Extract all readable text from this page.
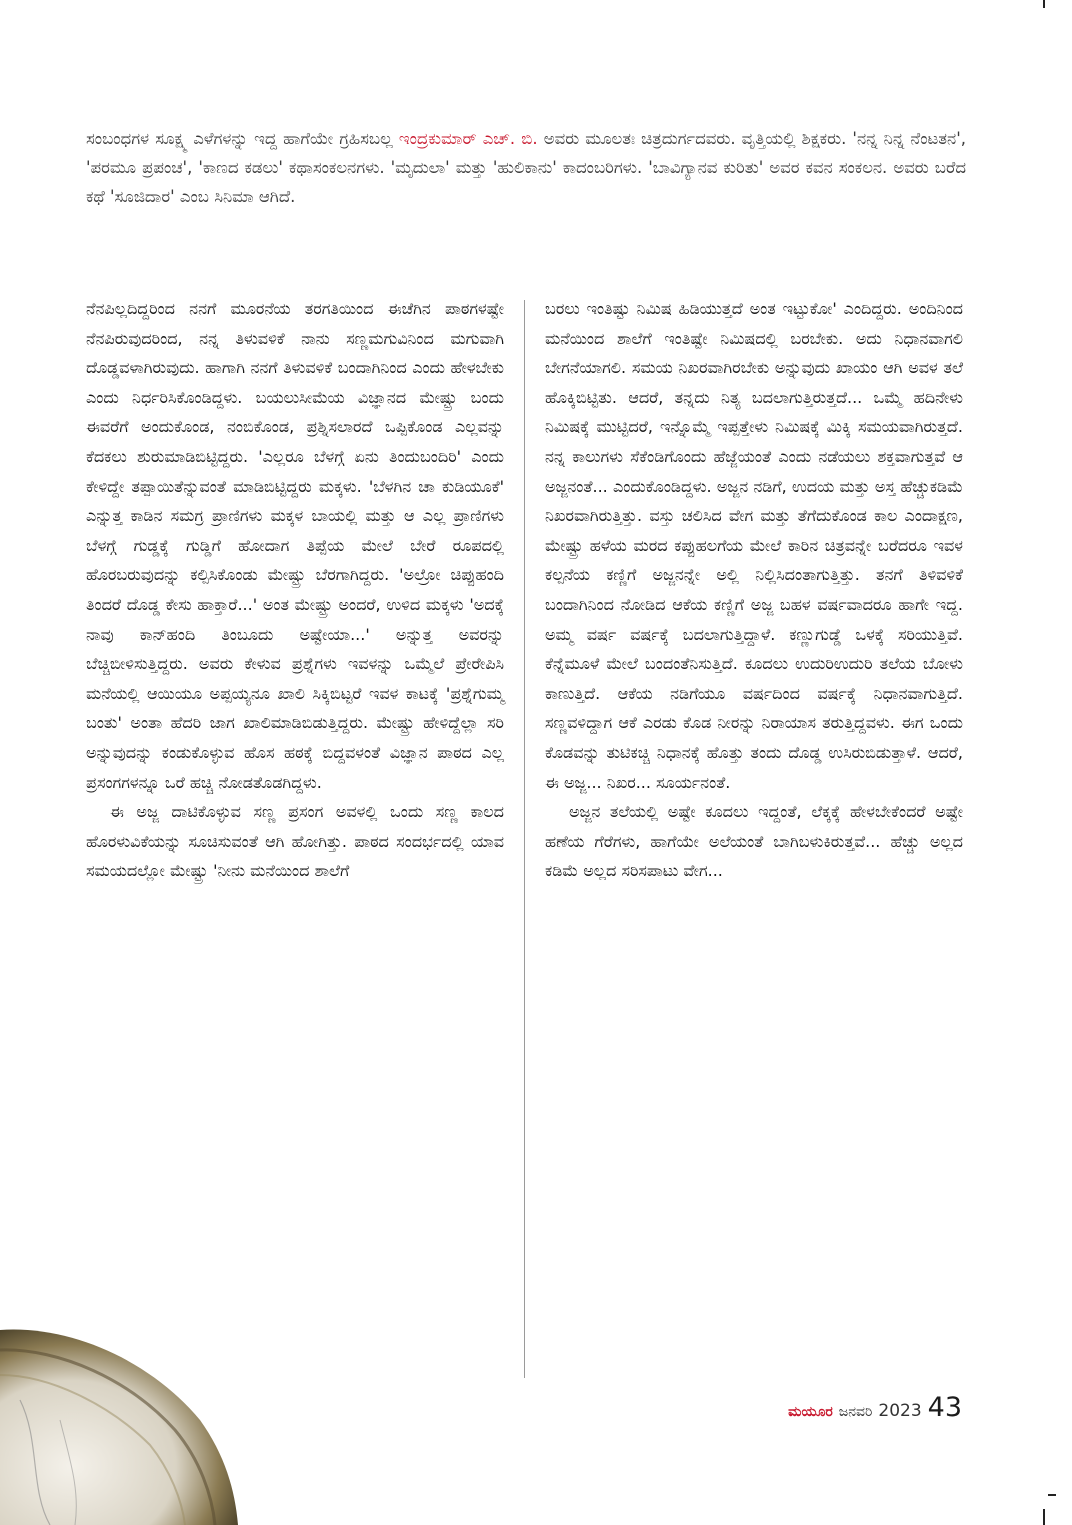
ಸಂಬಂಧಗಳ ಸೂಕ್ಷ್ಮ ಎಳೆಗಳನ್ನು ಇದ್ದ ಹಾಗೆಯೇ ಗ್ರಹಿಸಬಲ್ಲ ಇಂದ್ರಕುಮಾರ್ ಎಚ್. ಬಿ. ಅವರು ಮೂಲತಃ ಚಿತ್ರದುರ್ಗದವರು. ವೃತ್ತಿಯಲ್ಲಿ ಶಿಕ್ಷಕರು. 'ನನ್ನ ನಿನ್ನ ನೆಂಟತನ', 'ಪರಮೂ ಪ್ರಪಂಚ', 'ಕಾಣದ ಕಡಲು' ಕಥಾಸಂಕಲನಗಳು. 'ಮೃದುಲಾ' ಮತ್ತು 'ಹುಲಿಕಾನು' ಕಾದಂಬರಿಗಳು. 'ಬಾವಿಗ್ಯಾನವ ಕುರಿತು' ಅವರ ಕವನ ಸಂಕಲನ. ಅವರು ಬರೆದ ಕಥೆ 'ಸೂಜಿದಾರ' ಎಂಬ ಸಿನಿಮಾ ಆಗಿದೆ.

ನೆನಪಿಲ್ಲದಿದ್ದರಿಂದ ನನಗೆ ಮೂರನೆಯ ತರಗತಿಯಿಂದ ಈಚೆಗಿನ ಪಾಠಗಳಷ್ಟೇ ನೆನಪಿರುವುದರಿಂದ, ನನ್ನ ತಿಳುವಳಿಕೆ ನಾನು ಸಣ್ಣಮಗುವಿನಿಂದ ಮಗುವಾಗಿ ದೊಡ್ಡವಳಾಗಿರುವುದು. ಹಾಗಾಗಿ ನನಗೆ ತಿಳುವಳಿಕೆ ಬಂದಾಗಿನಿಂದ ಎಂದು ಹೇಳಬೇಕು ಎಂದು ನಿರ್ಧರಿಸಿಕೊಂಡಿದ್ದಳು. ಬಯಲುಸೀಮೆಯ ವಿಜ್ಞಾನದ ಮೇಷ್ಟ್ರು ಬಂದು ಈವರೆಗೆ ಅಂದುಕೊಂಡ, ನಂಬಿಕೊಂಡ, ಪ್ರಶ್ನಿಸಲಾರದೆ ಒಪ್ಪಿಕೊಂಡ ಎಲ್ಲವನ್ನು ಕೆದಕಲು ಶುರುಮಾಡಿಬಿಟ್ಟಿದ್ದರು. 'ಎಲ್ಲರೂ ಬೆಳಗ್ಗೆ ಏನು ತಿಂದುಬಂದಿರಿ' ಎಂದು ಕೇಳಿದ್ದೇ ತಪ್ಪಾಯಿತೆನ್ನುವಂತೆ ಮಾಡಿಬಿಟ್ಟಿದ್ದರು ಮಕ್ಕಳು. 'ಬೆಳಗಿನ ಚಾ ಕುಡಿಯೂಕೆ' ಎನ್ನುತ್ತ ಕಾಡಿನ ಸಮಗ್ರ ಪ್ರಾಣಿಗಳು ಮಕ್ಕಳ ಬಾಯಲ್ಲಿ ಮತ್ತು ಆ ಎಲ್ಲ ಪ್ರಾಣಿಗಳು ಬೆಳಗ್ಗೆ ಗುಡ್ಡಕ್ಕೆ ಗುಡ್ಡಿಗೆ ಹೋದಾಗ ತಿಪ್ಪೆಯ ಮೇಲೆ ಬೇರೆ ರೂಪದಲ್ಲಿ ಹೊರಬರುವುದನ್ನು ಕಲ್ಪಿಸಿಕೊಂಡು ಮೇಷ್ಟ್ರು ಬೆರಗಾಗಿದ್ದರು. 'ಅಲ್ರೋ ಚಿಪ್ಪುಹಂದಿ ತಿಂದರೆ ದೊಡ್ಡ ಕೇಸು ಹಾಕ್ತಾರೆ...' ಅಂತ ಮೇಷ್ಟ್ರು ಅಂದರೆ, ಉಳಿದ ಮಕ್ಕಳು 'ಅದಕ್ಕೆ ನಾವು ಕಾನ್‌ಹಂದಿ ತಿಂಬೂದು ಅಷ್ಟೇಯಾ...' ಅನ್ನುತ್ತ ಅವರನ್ನು ಬೆಚ್ಚಿಬೀಳಿಸುತ್ತಿದ್ದರು. ಅವರು ಕೇಳುವ ಪ್ರಶ್ನೆಗಳು ಇವಳನ್ನು ಒಮ್ಮೆಲೆ ಪ್ರೇರೇಪಿಸಿ ಮನೆಯಲ್ಲಿ ಆಯಿಯೂ ಅಪ್ಪಯ್ಯನೂ ಖಾಲಿ ಸಿಕ್ಕಿಬಿಟ್ಟರೆ ಇವಳ ಕಾಟಕ್ಕೆ 'ಪ್ರಶ್ನೆಗುಮ್ಮ ಬಂತು' ಅಂತಾ ಹೆದರಿ ಜಾಗ ಖಾಲಿಮಾಡಿಬಿಡುತ್ತಿದ್ದರು. ಮೇಷ್ಟ್ರು ಹೇಳಿದ್ದೆಲ್ಲಾ ಸರಿ ಅನ್ನುವುದನ್ನು ಕಂಡುಕೊಳ್ಳುವ ಹೊಸ ಹಠಕ್ಕೆ ಬಿದ್ದವಳಂತೆ ವಿಜ್ಞಾನ ಪಾಠದ ಎಲ್ಲ ಪ್ರಸಂಗಗಳನ್ನೂ ಒರೆ ಹಚ್ಚಿ ನೋಡತೊಡಗಿದ್ದಳು.

ಈ ಅಜ್ಜ ದಾಟಿಕೊಳ್ಳುವ ಸಣ್ಣ ಪ್ರಸಂಗ ಅವಳಲ್ಲಿ ಒಂದು ಸಣ್ಣ ಕಾಲದ ಹೊರಳುವಿಕೆಯನ್ನು ಸೂಚಿಸುವಂತೆ ಆಗಿ ಹೋಗಿತ್ತು. ಪಾಠದ ಸಂದರ್ಭದಲ್ಲಿ ಯಾವ ಸಮಯದಲ್ಲೋ ಮೇಷ್ಟ್ರು 'ನೀನು ಮನೆಯಿಂದ ಶಾಲೆಗೆ

ಬರಲು ಇಂತಿಷ್ಟು ನಿಮಿಷ ಹಿಡಿಯುತ್ತದೆ ಅಂತ ಇಟ್ಟುಕೋ' ಎಂದಿದ್ದರು. ಅಂದಿನಿಂದ ಮನೆಯಿಂದ ಶಾಲೆಗೆ ಇಂತಿಷ್ಟೇ ನಿಮಿಷದಲ್ಲಿ ಬರಬೇಕು. ಅದು ನಿಧಾನವಾಗಲಿ ಬೇಗನೆಯಾಗಲಿ. ಸಮಯ ನಿಖರವಾಗಿರಬೇಕು ಅನ್ನುವುದು ಖಾಯಂ ಆಗಿ ಅವಳ ತಲೆ ಹೊಕ್ಕಿಬಿಟ್ಟಿತು. ಆದರೆ, ತನ್ನದು ನಿತ್ಯ ಬದಲಾಗುತ್ತಿರುತ್ತದೆ... ಒಮ್ಮೆ ಹದಿನೇಳು ನಿಮಿಷಕ್ಕೆ ಮುಟ್ಟಿದರೆ, ಇನ್ನೊಮ್ಮೆ ಇಪ್ಪತ್ತೇಳು ನಿಮಿಷಕ್ಕೆ ಮಿಕ್ಕಿ ಸಮಯವಾಗಿರುತ್ತದೆ. ನನ್ನ ಕಾಲುಗಳು ಸೆಕೆಂಡಿಗೊಂದು ಹೆಜ್ಜೆಯಂತೆ ಎಂದು ನಡೆಯಲು ಶಕ್ತವಾಗುತ್ತವೆ ಆ ಅಜ್ಜನಂತೆ... ಎಂದುಕೊಂಡಿದ್ದಳು. ಅಜ್ಜನ ನಡಿಗೆ, ಉದಯ ಮತ್ತು ಅಸ್ತ ಹೆಚ್ಚುಕಡಿಮೆ ನಿಖರವಾಗಿರುತ್ತಿತ್ತು. ವಸ್ತು ಚಲಿಸಿದ ವೇಗ ಮತ್ತು ತೆಗೆದುಕೊಂಡ ಕಾಲ ಎಂದಾಕ್ಷಣ, ಮೇಷ್ಟ್ರು ಹಳೆಯ ಮರದ ಕಪ್ಪುಹಲಗೆಯ ಮೇಲೆ ಕಾರಿನ ಚಿತ್ರವನ್ನೇ ಬರೆದರೂ ಇವಳ ಕಲ್ಪನೆಯ ಕಣ್ಣಿಗೆ ಅಜ್ಜನನ್ನೇ ಅಲ್ಲಿ ನಿಲ್ಲಿಸಿದಂತಾಗುತ್ತಿತ್ತು. ತನಗೆ ತಿಳಿವಳಿಕೆ ಬಂದಾಗಿನಿಂದ ನೋಡಿದ ಆಕೆಯ ಕಣ್ಣಿಗೆ ಅಜ್ಜ ಬಹಳ ವರ್ಷವಾದರೂ ಹಾಗೇ ಇದ್ದ. ಅಮ್ಮ ವರ್ಷ ವರ್ಷಕ್ಕೆ ಬದಲಾಗುತ್ತಿದ್ದಾಳೆ. ಕಣ್ಣುಗುಡ್ಡೆ ಒಳಕ್ಕೆ ಸರಿಯುತ್ತಿವೆ. ಕೆನ್ನೆಮೂಳೆ ಮೇಲೆ ಬಂದಂತೆನಿಸುತ್ತಿದೆ. ಕೂದಲು ಉದುರಿಉದುರಿ ತಲೆಯ ಬೋಳು ಕಾಣುತ್ತಿದೆ. ಆಕೆಯ ನಡಿಗೆಯೂ ವರ್ಷದಿಂದ ವರ್ಷಕ್ಕೆ ನಿಧಾನವಾಗುತ್ತಿದೆ. ಸಣ್ಣವಳಿದ್ದಾಗ ಆಕೆ ಎರಡು ಕೊಡ ನೀರನ್ನು ನಿರಾಯಾಸ ತರುತ್ತಿದ್ದವಳು. ಈಗ ಒಂದು ಕೊಡವನ್ನು ತುಟಿಕಚ್ಚಿ ನಿಧಾನಕ್ಕೆ ಹೊತ್ತು ತಂದು ದೊಡ್ಡ ಉಸಿರುಬಿಡುತ್ತಾಳೆ. ಆದರೆ, ಈ ಅಜ್ಜ... ನಿಖರ... ಸೂರ್ಯನಂತೆ.

ಅಜ್ಜನ ತಲೆಯಲ್ಲಿ ಅಷ್ಟೇ ಕೂದಲು ಇದ್ದಂತೆ, ಲೆಕ್ಕಕ್ಕೆ ಹೇಳಬೇಕೆಂದರೆ ಅಷ್ಟೇ ಹಣೆಯ ಗೆರೆಗಳು, ಹಾಗೆಯೇ ಅಲೆಯಂತೆ ಬಾಗಿಬಳುಕಿರುತ್ತವೆ... ಹೆಚ್ಚು ಅಲ್ಲದ ಕಡಿಮೆ ಅಲ್ಲದ ಸರಿಸಪಾಟು ವೇಗ...

ಮಯೂರ ಜನವರಿ 2023 43
